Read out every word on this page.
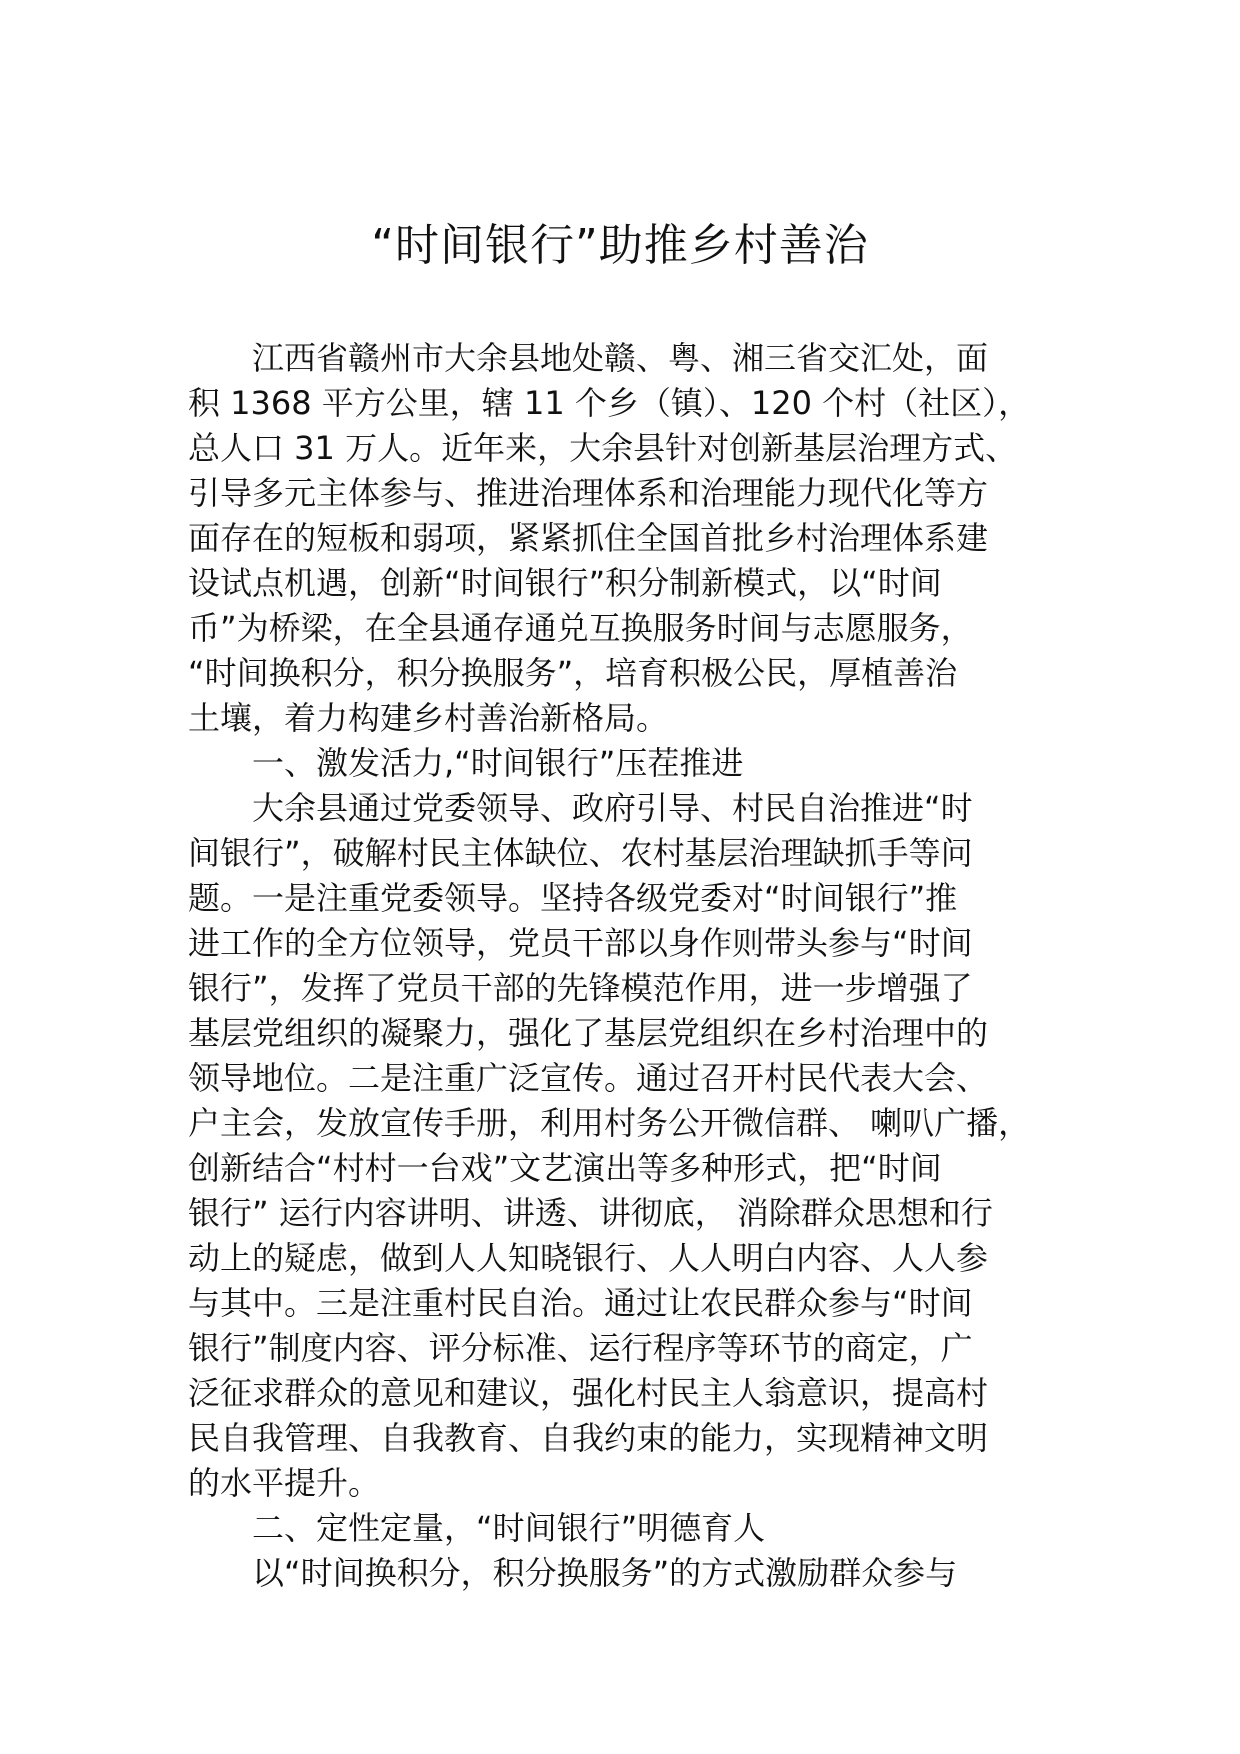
“时间银行”助推乡村善治
江西省赣州市大余县地处赣、粤、湘三省交汇处，面
积 1368 平方公里，辖 11 个乡（镇）、120 个村（社区），
总人口 31 万人。近年来，大余县针对创新基层治理方式、
引导多元主体参与、推进治理体系和治理能力现代化等方
面存在的短板和弱项，紧紧抓住全国首批乡村治理体系建
设试点机遇，创新“时间银行”积分制新模式，以“时间
币”为桥梁，在全县通存通兑互换服务时间与志愿服务，
“时间换积分，积分换服务”，培育积极公民，厚植善治
土壤，着力构建乡村善治新格局。
一、激发活力,“时间银行”压茬推进
大余县通过党委领导、政府引导、村民自治推进“时
间银行”，破解村民主体缺位、农村基层治理缺抓手等问
题。一是注重党委领导。坚持各级党委对“时间银行”推
进工作的全方位领导，党员干部以身作则带头参与“时间
银行”，发挥了党员干部的先锋模范作用，进一步增强了
基层党组织的凝聚力，强化了基层党组织在乡村治理中的
领导地位。二是注重广泛宣传。通过召开村民代表大会、
户主会，发放宣传手册，利用村务公开微信群、 喇叭广播，
创新结合“村村一台戏”文艺演出等多种形式，把“时间
银行” 运行内容讲明、讲透、讲彻底， 消除群众思想和行
动上的疑虑，做到人人知晓银行、人人明白内容、人人参
与其中。三是注重村民自治。通过让农民群众参与“时间
银行”制度内容、评分标准、运行程序等环节的商定，广
泛征求群众的意见和建议，强化村民主人翁意识，提高村
民自我管理、自我教育、自我约束的能力，实现精神文明
的水平提升。
二、定性定量，“时间银行”明德育人
以“时间换积分，积分换服务”的方式激励群众参与
